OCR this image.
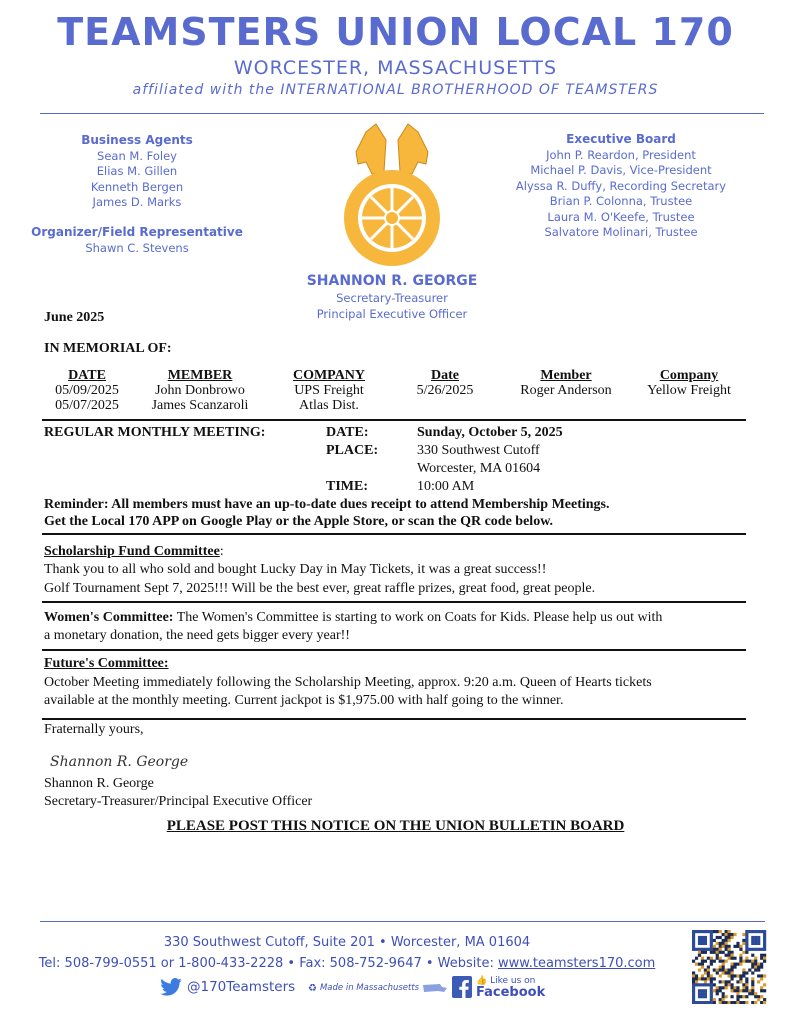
TEAMSTERS UNION LOCAL 170
WORCESTER, MASSACHUSETTS
affiliated with the INTERNATIONAL BROTHERHOOD OF TEAMSTERS
Business Agents
Sean M. Foley
Elias M. Gillen
Kenneth Bergen
James D. Marks
Organizer/Field Representative
Shawn C. Stevens
Executive Board
John P. Reardon, President
Michael P. Davis, Vice-President
Alyssa R. Duffy, Recording Secretary
Brian P. Colonna, Trustee
Laura M. O'Keefe, Trustee
Salvatore Molinari, Trustee
SHANNON R. GEORGE
Secretary-Treasurer
Principal Executive Officer
June 2025
IN MEMORIAL OF:
DATE	MEMBER	COMPANY	Date	Member	Company
05/09/2025	John Donbrowo	UPS Freight	5/26/2025	Roger Anderson	Yellow Freight
05/07/2025	James Scanzaroli	Atlas Dist.			
REGULAR MONTHLY MEETING:	DATE:	Sunday, October 5, 2025
PLACE:	330 Southwest Cutoff
Worcester, MA 01604
TIME:	10:00 AM
Reminder: All members must have an up-to-date dues receipt to attend Membership Meetings.
Get the Local 170 APP on Google Play or the Apple Store, or scan the QR code below.
Scholarship Fund Committee:
Thank you to all who sold and bought Lucky Day in May Tickets, it was a great success!!
Golf Tournament Sept 7, 2025!!! Will be the best ever, great raffle prizes, great food, great people.
Women's Committee: The Women's Committee is starting to work on Coats for Kids. Please help us out with
a monetary donation, the need gets bigger every year!!
Future's Committee:
October Meeting immediately following the Scholarship Meeting, approx. 9:20 a.m. Queen of Hearts tickets
available at the monthly meeting. Current jackpot is $1,975.00 with half going to the winner.
Fraternally yours,
Shannon R. George
Shannon R. George
Secretary-Treasurer/Principal Executive Officer
PLEASE POST THIS NOTICE ON THE UNION BULLETIN BOARD
330 Southwest Cutoff, Suite 201 • Worcester, MA 01604
Tel: 508-799-0551 or 1-800-433-2228 • Fax: 508-752-9647 • Website: www.teamsters170.com
@170Teamsters ♻ Made in Massachusetts
👍 Like us on
Facebook
